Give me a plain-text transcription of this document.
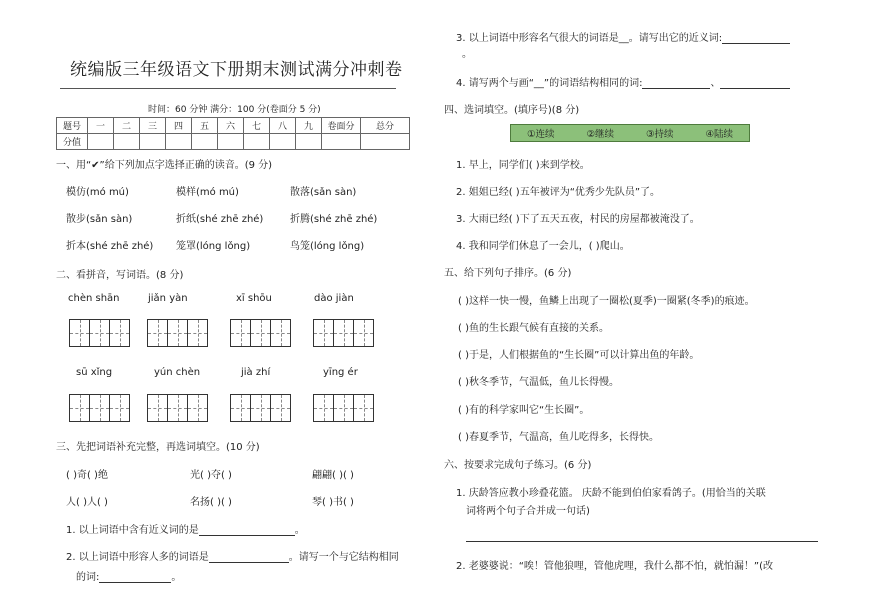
统编版三年级语文下册期末测试满分冲刺卷
时间：60 分钟 满分：100 分(卷面分 5 分)
题号	一	二	三	四	五	六	七	八	九	卷面分	总分
分值											
一、用“✔”给下列加点字选择正确的读音。(9 分)
模仿(mó mú)	模样(mó mú)	散落(sǎn sàn)
散步(sǎn sàn)	折纸(shé zhē zhé)	折腾(shé zhē zhé)
折本(shé zhē zhé) 笼罩(lóng lǒng)	鸟笼(lóng lǒng)
二、看拼音，写词语。(8 分)
chèn shān	jiǎn yàn	xī shōu	dào jiàn
sū xǐng	yún chèn	jià zhí	yīng ér
三、先把词语补充完整，再选词填空。(10 分)
( )奇( )绝	光( )夺( )	翩翩( )( )
人( )人( )	名扬( )( )	琴( )书( )
1. 以上词语中含有近义词的是	。
2. 以上词语中形容人多的词语是	。请写一个与它结构相同
的词:	。
3. 以上词语中形容名气很大的词语是__。请写出它的近义词:
。
4. 请写两个与画“__”的词语结构相同的词:	、
四、选词填空。(填序号)(8 分)
①连续	②继续	③持续	④陆续
1. 早上，同学们( )来到学校。
2. 姐姐已经( )五年被评为“优秀少先队员”了。
3. 大雨已经( )下了五天五夜，村民的房屋都被淹没了。
4. 我和同学们休息了一会儿，( )爬山。
五、给下列句子排序。(6 分)
( )这样一快一慢，鱼鳞上出现了一圈松(夏季)一圈紧(冬季)的痕迹。
( )鱼的生长跟气候有直接的关系。
( )于是，人们根据鱼的“生长圈”可以计算出鱼的年龄。
( )秋冬季节，气温低，鱼儿长得慢。
( )有的科学家叫它“生长圈”。
( )春夏季节，气温高，鱼儿吃得多，长得快。
六、按要求完成句子练习。(6 分)
1. 庆龄答应教小珍叠花篮。 庆龄不能到伯伯家看鸽子。(用恰当的关联
词将两个句子合并成一句话)
2. 老婆婆说：“唉！管他狼哩，管他虎哩，我什么都不怕，就怕漏！”(改
